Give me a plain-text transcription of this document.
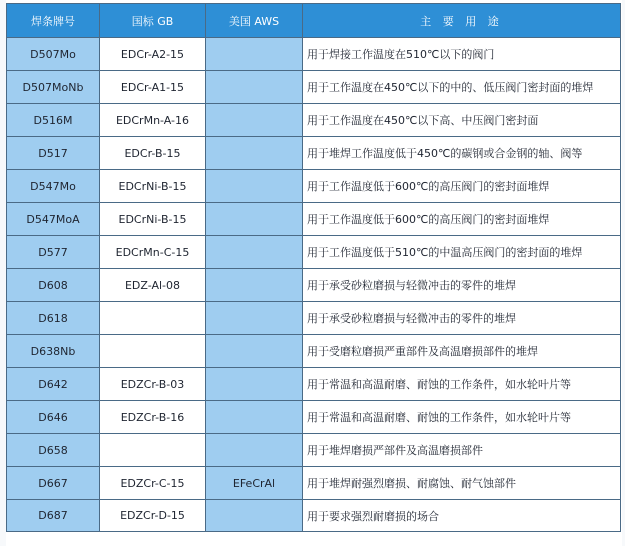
焊条牌号	国标 GB	美国 AWS	主 要 用 途
D507Mo	EDCr-A2-15		用于焊接工作温度在510℃以下的阀门
D507MoNb	EDCr-A1-15		用于工作温度在450℃以下的中的、低压阀门密封面的堆焊
D516M	EDCrMn-A-16		用于工作温度在450℃以下高、中压阀门密封面
D517	EDCr-B-15		用于堆焊工作温度低于450℃的碳钢或合金钢的轴、阀等
D547Mo	EDCrNi-B-15		用于工作温度低于600℃的高压阀门的密封面堆焊
D547MoA	EDCrNi-B-15		用于工作温度低于600℃的高压阀门的密封面堆焊
D577	EDCrMn-C-15		用于工作温度低于510℃的中温高压阀门的密封面的堆焊
D608	EDZ-Al-08		用于承受砂粒磨损与轻微冲击的零件的堆焊
D618			用于承受砂粒磨损与轻微冲击的零件的堆焊
D638Nb			用于受磨粒磨损严重部件及高温磨损部件的堆焊
D642	EDZCr-B-03		用于常温和高温耐磨、耐蚀的工作条件，如水轮叶片等
D646	EDZCr-B-16		用于常温和高温耐磨、耐蚀的工作条件，如水轮叶片等
D658			用于堆焊磨损严部件及高温磨损部件
D667	EDZCr-C-15	EFeCrAl	用于堆焊耐强烈磨损、耐腐蚀、耐气蚀部件
D687	EDZCr-D-15		用于要求强烈耐磨损的场合
